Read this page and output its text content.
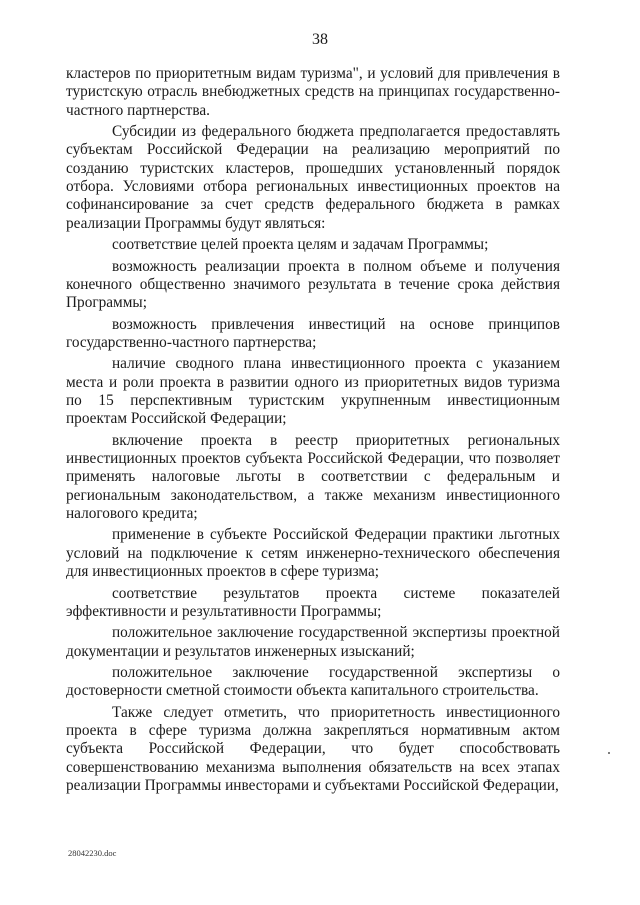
38

кластеров по приоритетным видам туризма", и условий для привлечения в туристскую отрасль внебюджетных средств на принципах государственно-частного партнерства.

Субсидии из федерального бюджета предполагается предоставлять субъектам Российской Федерации на реализацию мероприятий по созданию туристских кластеров, прошедших установленный порядок отбора. Условиями отбора региональных инвестиционных проектов на софинансирование за счет средств федерального бюджета в рамках реализации Программы будут являться:

соответствие целей проекта целям и задачам Программы;

возможность реализации проекта в полном объеме и получения конечного общественно значимого результата в течение срока действия Программы;

возможность привлечения инвестиций на основе принципов государственно-частного партнерства;

наличие сводного плана инвестиционного проекта с указанием места и роли проекта в развитии одного из приоритетных видов туризма по 15 перспективным туристским укрупненным инвестиционным проектам Российской Федерации;

включение проекта в реестр приоритетных региональных инвестиционных проектов субъекта Российской Федерации, что позволяет применять налоговые льготы в соответствии с федеральным и региональным законодательством, а также механизм инвестиционного налогового кредита;

применение в субъекте Российской Федерации практики льготных условий на подключение к сетям инженерно-технического обеспечения для инвестиционных проектов в сфере туризма;

соответствие результатов проекта системе показателей эффективности и результативности Программы;

положительное заключение государственной экспертизы проектной документации и результатов инженерных изысканий;

положительное заключение государственной экспертизы о достоверности сметной стоимости объекта капитального строительства.

Также следует отметить, что приоритетность инвестиционного проекта в сфере туризма должна закрепляться нормативным актом субъекта Российской Федерации, что будет способствовать совершенствованию механизма выполнения обязательств на всех этапах реализации Программы инвесторами и субъектами Российской Федерации,

28042230.doc
